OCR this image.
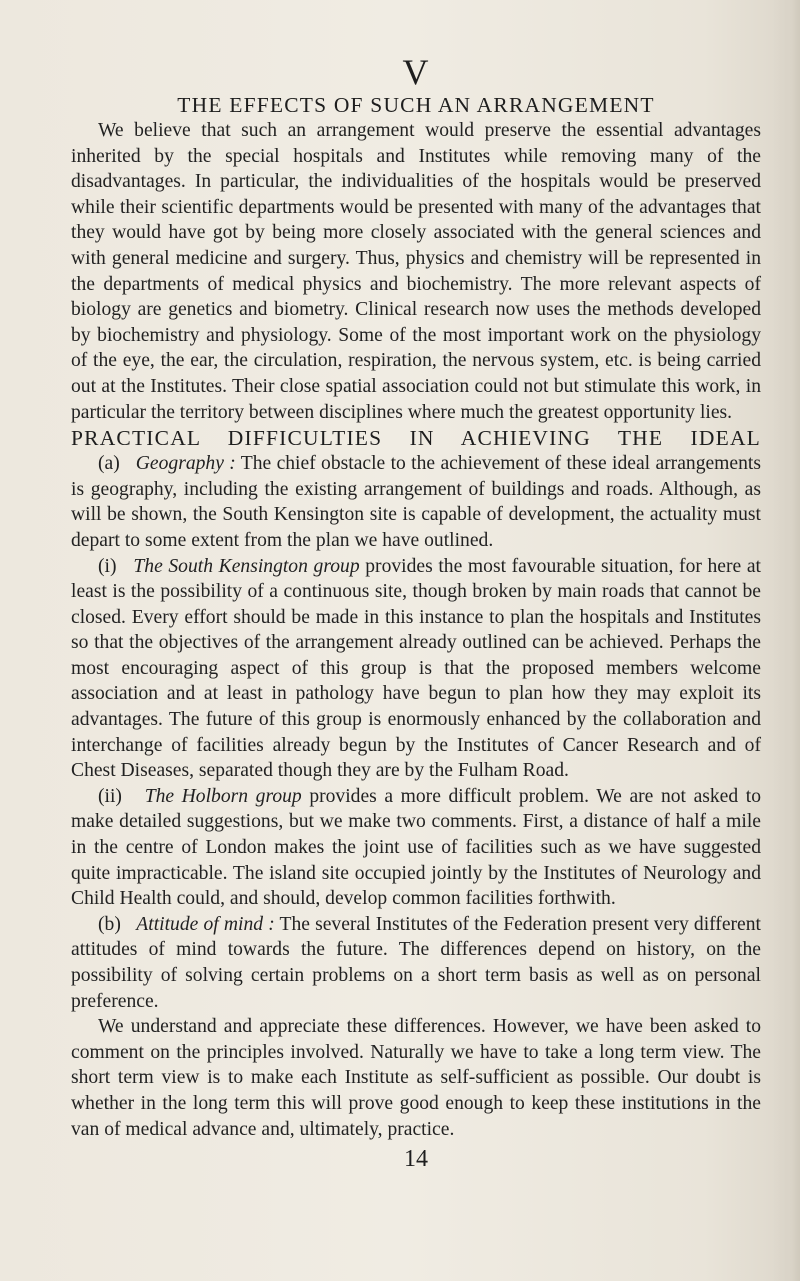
V
THE EFFECTS OF SUCH AN ARRANGEMENT

We believe that such an arrangement would preserve the essential advantages inherited by the special hospitals and Institutes while removing many of the disadvantages. In particular, the individualities of the hospitals would be preserved while their scientific departments would be presented with many of the advantages that they would have got by being more closely associated with the general sciences and with general medicine and surgery. Thus, physics and chemistry will be represented in the departments of medical physics and biochemistry. The more relevant aspects of biology are genetics and biometry. Clinical research now uses the methods developed by biochemistry and physiology. Some of the most important work on the physiology of the eye, the ear, the circulation, respiration, the nervous system, etc. is being carried out at the Institutes. Their close spatial association could not but stimulate this work, in particular the territory between disciplines where much the greatest opportunity lies.

PRACTICAL DIFFICULTIES IN ACHIEVING THE IDEAL

(a) Geography : The chief obstacle to the achievement of these ideal arrangements is geography, including the existing arrangement of buildings and roads. Although, as will be shown, the South Kensington site is capable of development, the actuality must depart to some extent from the plan we have outlined.

(i) The South Kensington group provides the most favourable situation, for here at least is the possibility of a continuous site, though broken by main roads that cannot be closed. Every effort should be made in this instance to plan the hospitals and Institutes so that the objectives of the arrangement already outlined can be achieved. Perhaps the most encouraging aspect of this group is that the proposed members welcome association and at least in pathology have begun to plan how they may exploit its advantages. The future of this group is enormously enhanced by the collaboration and interchange of facilities already begun by the Institutes of Cancer Research and of Chest Diseases, separated though they are by the Fulham Road.

(ii) The Holborn group provides a more difficult problem. We are not asked to make detailed suggestions, but we make two comments. First, a distance of half a mile in the centre of London makes the joint use of facilities such as we have suggested quite impracticable. The island site occupied jointly by the Institutes of Neurology and Child Health could, and should, develop common facilities forthwith.

(b) Attitude of mind : The several Institutes of the Federation present very different attitudes of mind towards the future. The differences depend on history, on the possibility of solving certain problems on a short term basis as well as on personal preference.

We understand and appreciate these differences. However, we have been asked to comment on the principles involved. Naturally we have to take a long term view. The short term view is to make each Institute as self-sufficient as possible. Our doubt is whether in the long term this will prove good enough to keep these institutions in the van of medical advance and, ultimately, practice.

14
